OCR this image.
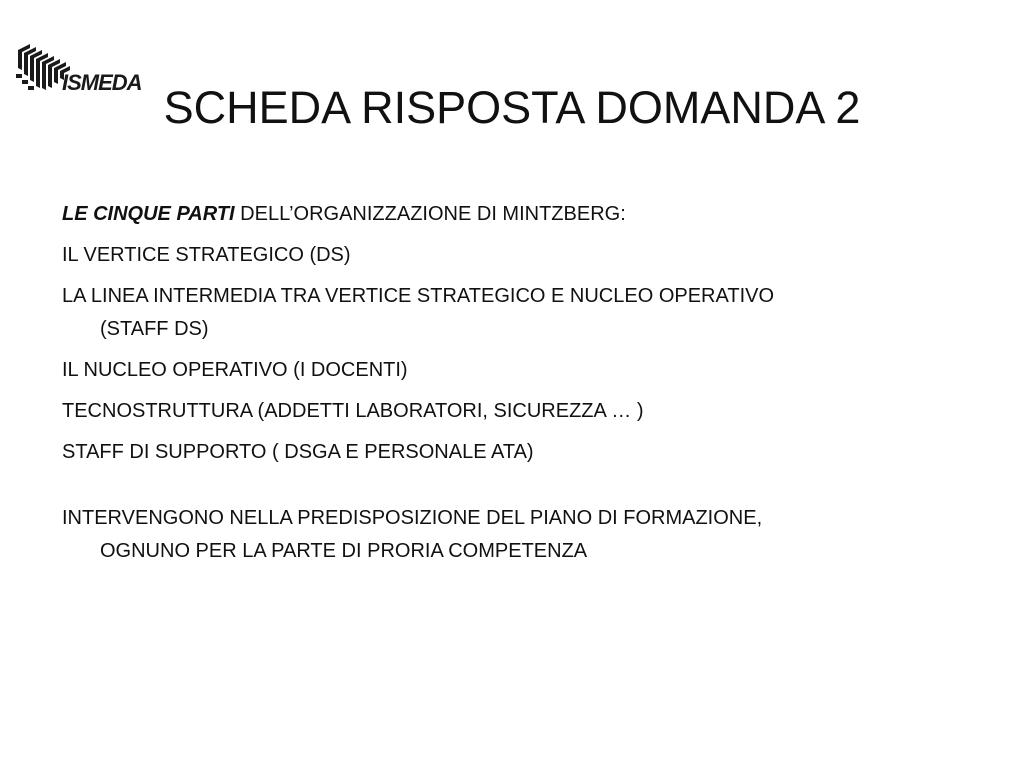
ISMEDA SCHEDA RISPOSTA DOMANDA 2

LE CINQUE PARTI DELL’ORGANIZZAZIONE DI MINTZBERG:

IL VERTICE STRATEGICO (DS)

LA LINEA INTERMEDIA TRA VERTICE STRATEGICO E NUCLEO OPERATIVO
(STAFF DS)

IL NUCLEO OPERATIVO (I DOCENTI)

TECNOSTRUTTURA (ADDETTI LABORATORI, SICUREZZA … )

STAFF DI SUPPORTO ( DSGA E PERSONALE ATA)

INTERVENGONO NELLA PREDISPOSIZIONE DEL PIANO DI FORMAZIONE,
OGNUNO PER LA PARTE DI PRORIA COMPETENZA
